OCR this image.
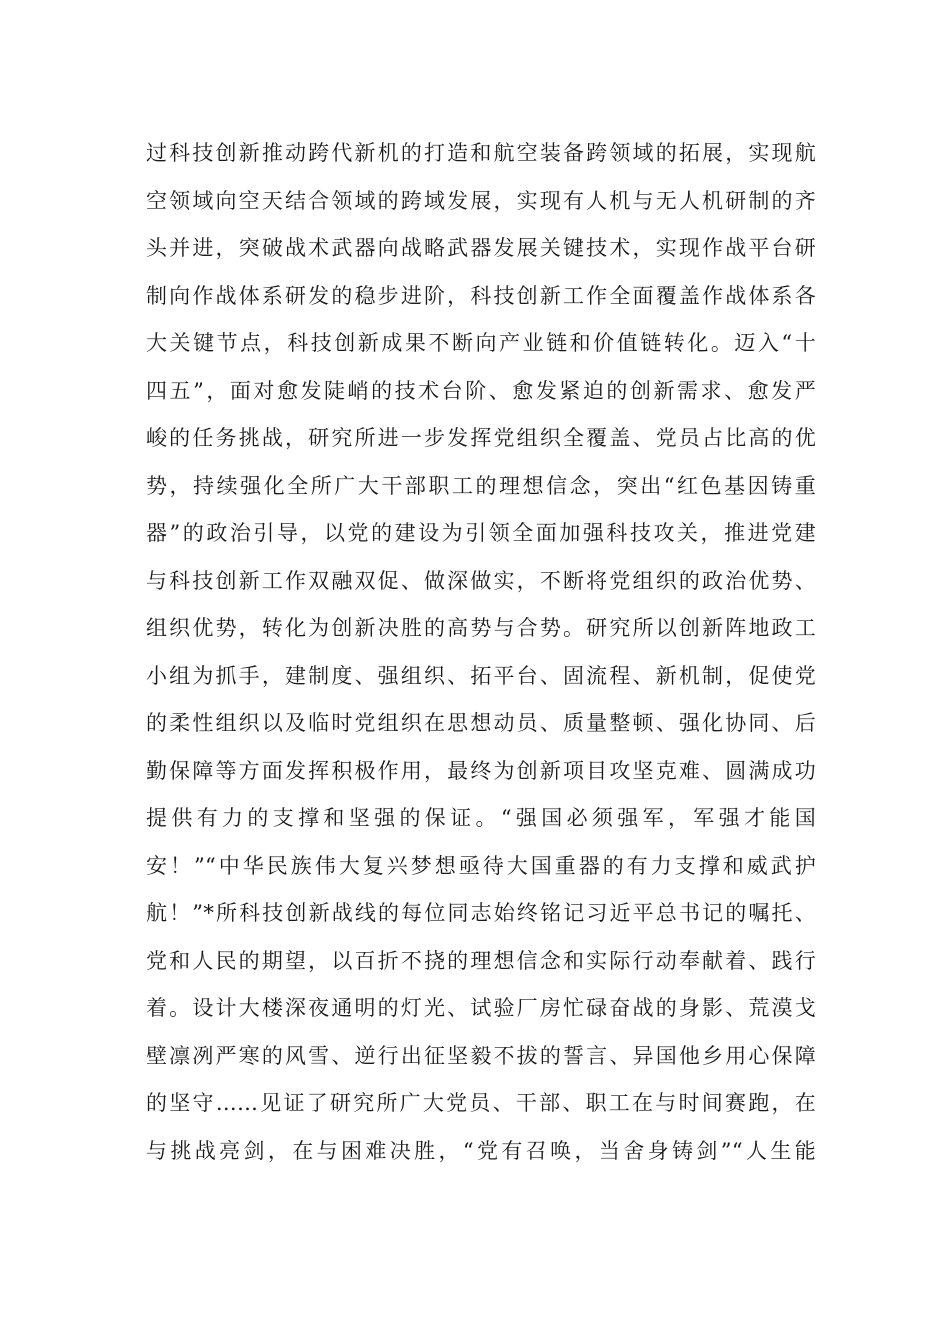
过科技创新推动跨代新机的打造和航空装备跨领域的拓展，实现航
空领域向空天结合领域的跨域发展，实现有人机与无人机研制的齐
头并进，突破战术武器向战略武器发展关键技术，实现作战平台研
制向作战体系研发的稳步进阶，科技创新工作全面覆盖作战体系各
大关键节点，科技创新成果不断向产业链和价值链转化。迈入“十
四五”，面对愈发陡峭的技术台阶、愈发紧迫的创新需求、愈发严
峻的任务挑战，研究所进一步发挥党组织全覆盖、党员占比高的优
势，持续强化全所广大干部职工的理想信念，突出“红色基因铸重
器”的政治引导，以党的建设为引领全面加强科技攻关，推进党建
与科技创新工作双融双促、做深做实，不断将党组织的政治优势、
组织优势，转化为创新决胜的高势与合势。研究所以创新阵地政工
小组为抓手，建制度、强组织、拓平台、固流程、新机制，促使党
的柔性组织以及临时党组织在思想动员、质量整顿、强化协同、后
勤保障等方面发挥积极作用，最终为创新项目攻坚克难、圆满成功
提供有力的支撑和坚强的保证。“强国必须强军，军强才能国
安！”“中华民族伟大复兴梦想亟待大国重器的有力支撑和威武护
航！”*所科技创新战线的每位同志始终铭记习近平总书记的嘱托、
党和人民的期望，以百折不挠的理想信念和实际行动奉献着、践行
着。设计大楼深夜通明的灯光、试验厂房忙碌奋战的身影、荒漠戈
壁凛冽严寒的风雪、逆行出征坚毅不拔的誓言、异国他乡用心保障
的坚守……见证了研究所广大党员、干部、职工在与时间赛跑，在
与挑战亮剑，在与困难决胜，“党有召唤，当舍身铸剑”“人生能
